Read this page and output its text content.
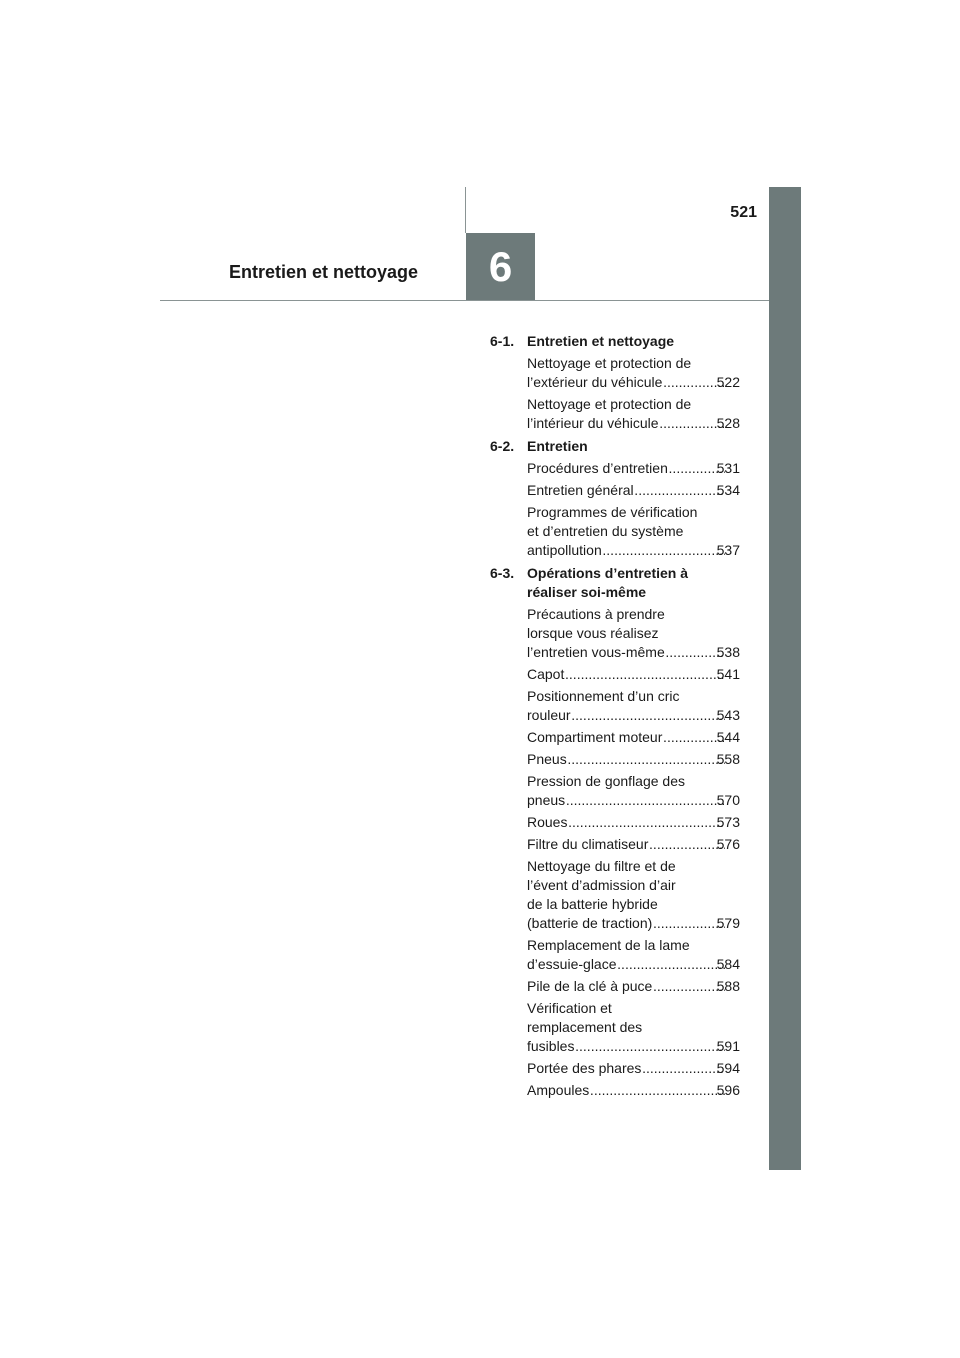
521
Entretien et nettoyage 6
6-1. Entretien et nettoyage
Nettoyage et protection de
l’extérieur du véhicule .....	522
Nettoyage et protection de
l’intérieur du véhicule .....	528
6-2. Entretien
Procédures d’entretien .....	531
Entretien général .....	534
Programmes de vérification
et d’entretien du système
antipollution .....	537
6-3. Opérations d’entretien à
réaliser soi-même
Précautions à prendre
lorsque vous réalisez
l’entretien vous-même .....	538
Capot .....	541
Positionnement d’un cric
rouleur .....	543
Compartiment moteur .....	544
Pneus .....	558
Pression de gonflage des
pneus .....	570
Roues .....	573
Filtre du climatiseur .....	576
Nettoyage du filtre et de
l’évent d’admission d’air
de la batterie hybride
(batterie de traction) .....	579
Remplacement de la lame
d’essuie-glace .....	584
Pile de la clé à puce .....	588
Vérification et
remplacement des
fusibles .....	591
Portée des phares .....	594
Ampoules .....	596
